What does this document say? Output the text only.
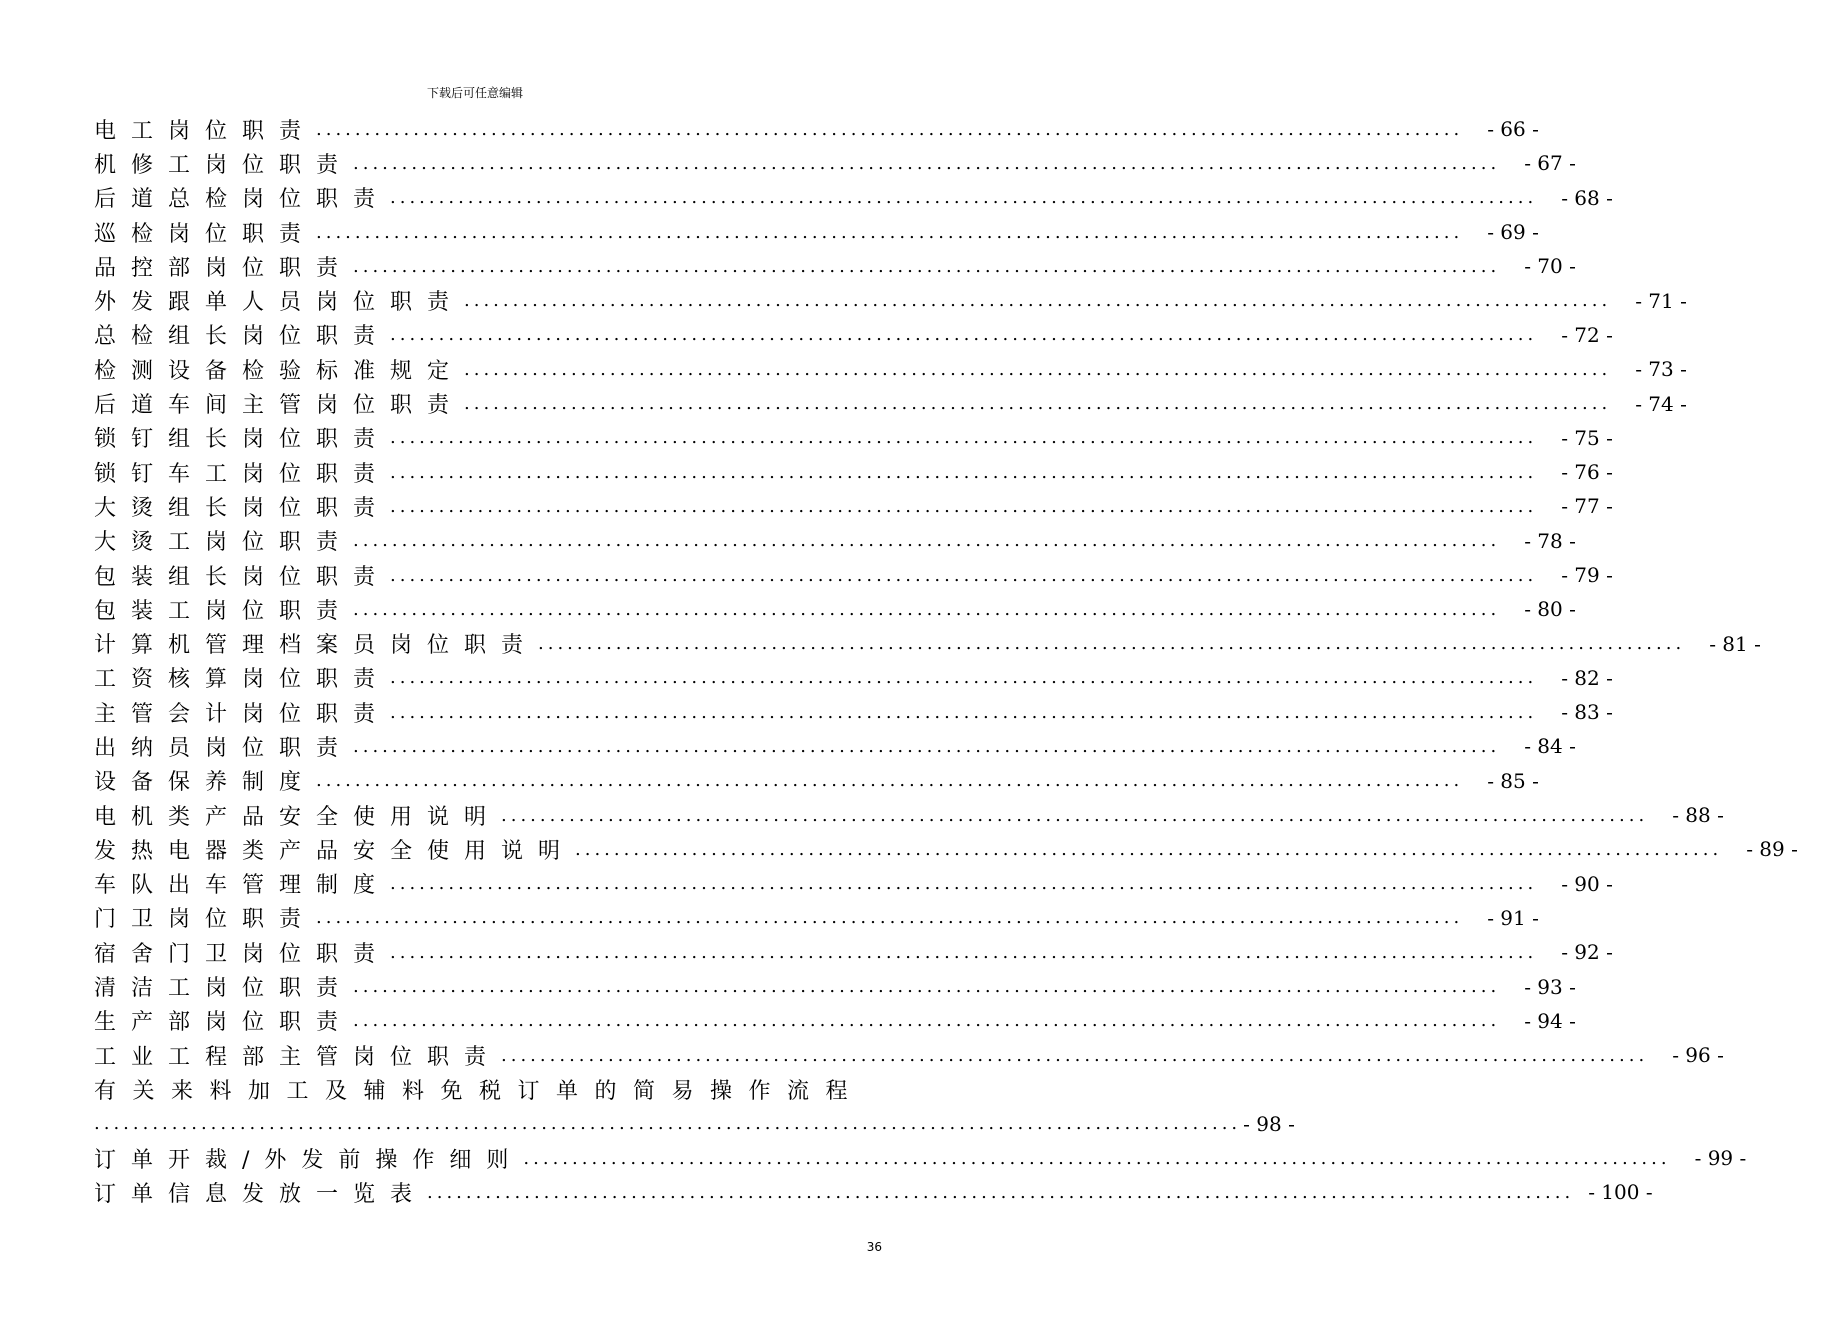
下载后可任意编辑
电工岗位职责 ...................................................................................................................... - 66 -
机修工岗位职责 ...................................................................................................................... - 67 -
后道总检岗位职责 ...................................................................................................................... - 68 -
巡检岗位职责 ...................................................................................................................... - 69 -
品控部岗位职责 ...................................................................................................................... - 70 -
外发跟单人员岗位职责 ...................................................................................................................... - 71 -
总检组长岗位职责 ...................................................................................................................... - 72 -
检测设备检验标准规定 ...................................................................................................................... - 73 -
后道车间主管岗位职责 ...................................................................................................................... - 74 -
锁钉组长岗位职责 ...................................................................................................................... - 75 -
锁钉车工岗位职责 ...................................................................................................................... - 76 -
大烫组长岗位职责 ...................................................................................................................... - 77 -
大烫工岗位职责 ...................................................................................................................... - 78 -
包装组长岗位职责 ...................................................................................................................... - 79 -
包装工岗位职责 ...................................................................................................................... - 80 -
计算机管理档案员岗位职责 ...................................................................................................................... - 81 -
工资核算岗位职责 ...................................................................................................................... - 82 -
主管会计岗位职责 ...................................................................................................................... - 83 -
出纳员岗位职责 ...................................................................................................................... - 84 -
设备保养制度 ...................................................................................................................... - 85 -
电机类产品安全使用说明 ...................................................................................................................... - 88 -
发热电器类产品安全使用说明 ...................................................................................................................... - 89 -
车队出车管理制度 ...................................................................................................................... - 90 -
门卫岗位职责 ...................................................................................................................... - 91 -
宿舍门卫岗位职责 ...................................................................................................................... - 92 -
清洁工岗位职责 ...................................................................................................................... - 93 -
生产部岗位职责 ...................................................................................................................... - 94 -
工业工程部主管岗位职责 ...................................................................................................................... - 96 -
有关来料加工及辅料免税订单的简易操作流程
...................................................................................................................... - 98 -
订单开裁/外发前操作细则 ...................................................................................................................... - 99 -
订单信息发放一览表 ...................................................................................................................... - 100 -
36
